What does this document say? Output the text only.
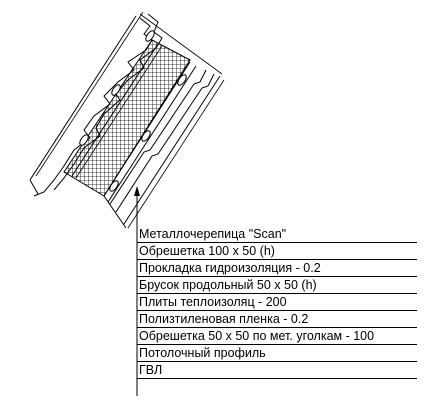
Металлочерепица "Scan"
Обрешетка 100 х 50 (h)
Прокладка гидроизоляция - 0.2
Брусок продольный 50 х 50 (h)
Плиты теплоизоляц - 200
Полизтиленовая пленка - 0.2
Обрешетка 50 х 50 по мет. уголкам - 100
Потолочный профиль
ГВЛ
